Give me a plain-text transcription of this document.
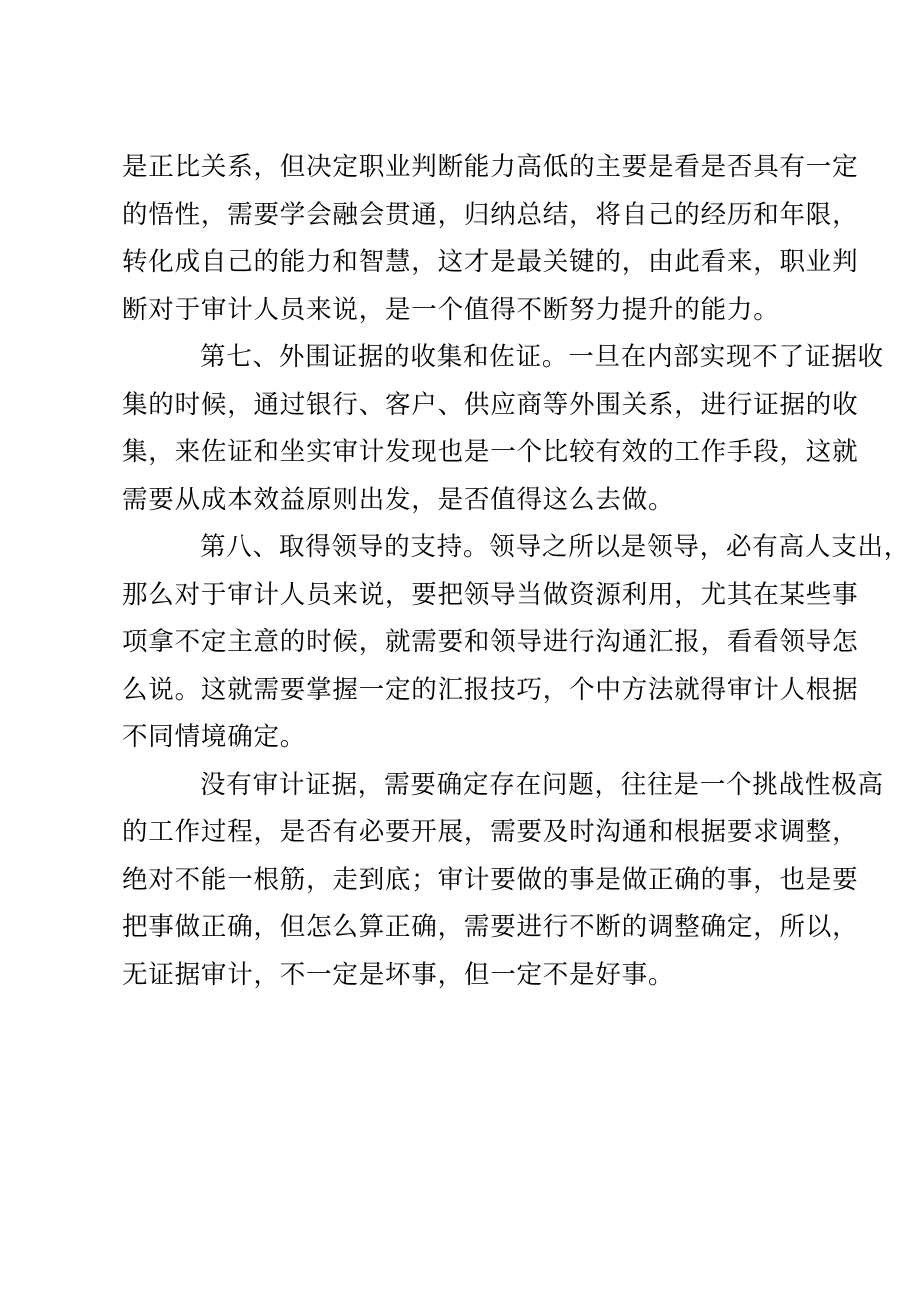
是正比关系，但决定职业判断能力高低的主要是看是否具有一定
的悟性，需要学会融会贯通，归纳总结，将自己的经历和年限，
转化成自己的能力和智慧，这才是最关键的，由此看来，职业判
断对于审计人员来说，是一个值得不断努力提升的能力。
第七、外围证据的收集和佐证。一旦在内部实现不了证据收
集的时候，通过银行、客户、供应商等外围关系，进行证据的收
集，来佐证和坐实审计发现也是一个比较有效的工作手段，这就
需要从成本效益原则出发，是否值得这么去做。
第八、取得领导的支持。领导之所以是领导，必有高人支出，
那么对于审计人员来说，要把领导当做资源利用，尤其在某些事
项拿不定主意的时候，就需要和领导进行沟通汇报，看看领导怎
么说。这就需要掌握一定的汇报技巧，个中方法就得审计人根据
不同情境确定。
没有审计证据，需要确定存在问题，往往是一个挑战性极高
的工作过程，是否有必要开展，需要及时沟通和根据要求调整，
绝对不能一根筋，走到底；审计要做的事是做正确的事，也是要
把事做正确，但怎么算正确，需要进行不断的调整确定，所以，
无证据审计，不一定是坏事，但一定不是好事。
